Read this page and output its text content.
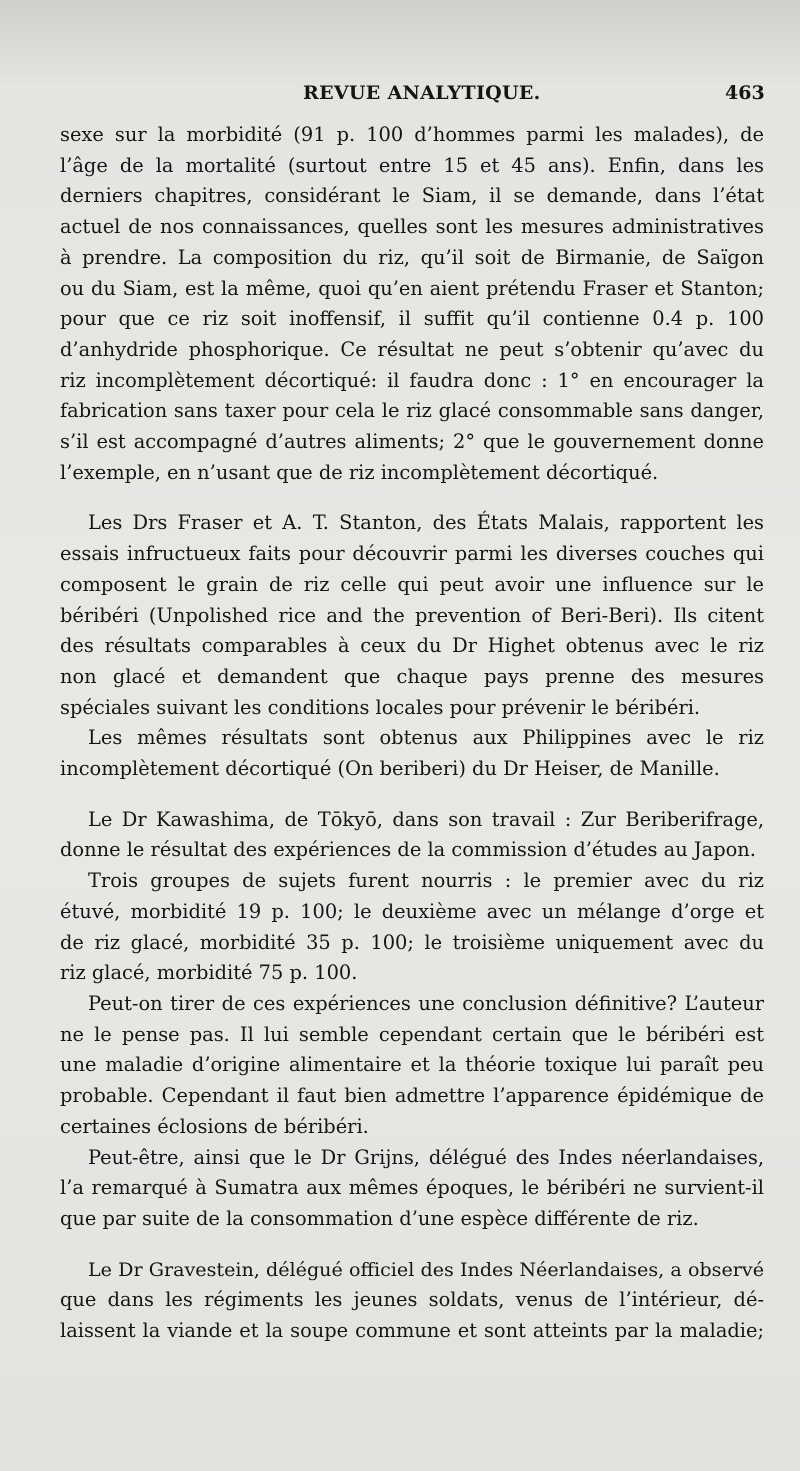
REVUE ANALYTIQUE.	463

sexe sur la morbidité (91 p. 100 d’hommes parmi les malades), de
l’âge de la mortalité (surtout entre 15 et 45 ans). Enfin, dans les
derniers chapitres, considérant le Siam, il se demande, dans l’état
actuel de nos connaissances, quelles sont les mesures administratives
à prendre. La composition du riz, qu’il soit de Birmanie, de Saïgon
ou du Siam, est la même, quoi qu’en aient prétendu Fraser et Stanton;
pour que ce riz soit inoffensif, il suffit qu’il contienne 0.4 p. 100
d’anhydride phosphorique. Ce résultat ne peut s’obtenir qu’avec du
riz incomplètement décortiqué: il faudra donc : 1° en encourager la
fabrication sans taxer pour cela le riz glacé consommable sans danger,
s’il est accompagné d’autres aliments; 2° que le gouvernement donne
l’exemple, en n’usant que de riz incomplètement décortiqué.

Les Drs Fraser et A. T. Stanton, des États Malais, rapportent les
essais infructueux faits pour découvrir parmi les diverses couches qui
composent le grain de riz celle qui peut avoir une influence sur le
béribéri (Unpolished rice and the prevention of Beri-Beri). Ils citent
des résultats comparables à ceux du Dr Highet obtenus avec le riz
non glacé et demandent que chaque pays prenne des mesures
spéciales suivant les conditions locales pour prévenir le béribéri.

Les mêmes résultats sont obtenus aux Philippines avec le riz
incomplètement décortiqué (On beriberi) du Dr Heiser, de Manille.

Le Dr Kawashima, de Tōkyō, dans son travail : Zur Beriberifrage,
donne le résultat des expériences de la commission d’études au Japon.

Trois groupes de sujets furent nourris : le premier avec du riz
étuvé, morbidité 19 p. 100; le deuxième avec un mélange d’orge et
de riz glacé, morbidité 35 p. 100; le troisième uniquement avec du
riz glacé, morbidité 75 p. 100.

Peut-on tirer de ces expériences une conclusion définitive? L’auteur
ne le pense pas. Il lui semble cependant certain que le béribéri est
une maladie d’origine alimentaire et la théorie toxique lui paraît peu
probable. Cependant il faut bien admettre l’apparence épidémique de
certaines éclosions de béribéri.

Peut-être, ainsi que le Dr Grijns, délégué des Indes néerlandaises,
l’a remarqué à Sumatra aux mêmes époques, le béribéri ne survient-il
que par suite de la consommation d’une espèce différente de riz.

Le Dr Gravestein, délégué officiel des Indes Néerlandaises, a observé
que dans les régiments les jeunes soldats, venus de l’intérieur, dé-
laissent la viande et la soupe commune et sont atteints par la maladie;
